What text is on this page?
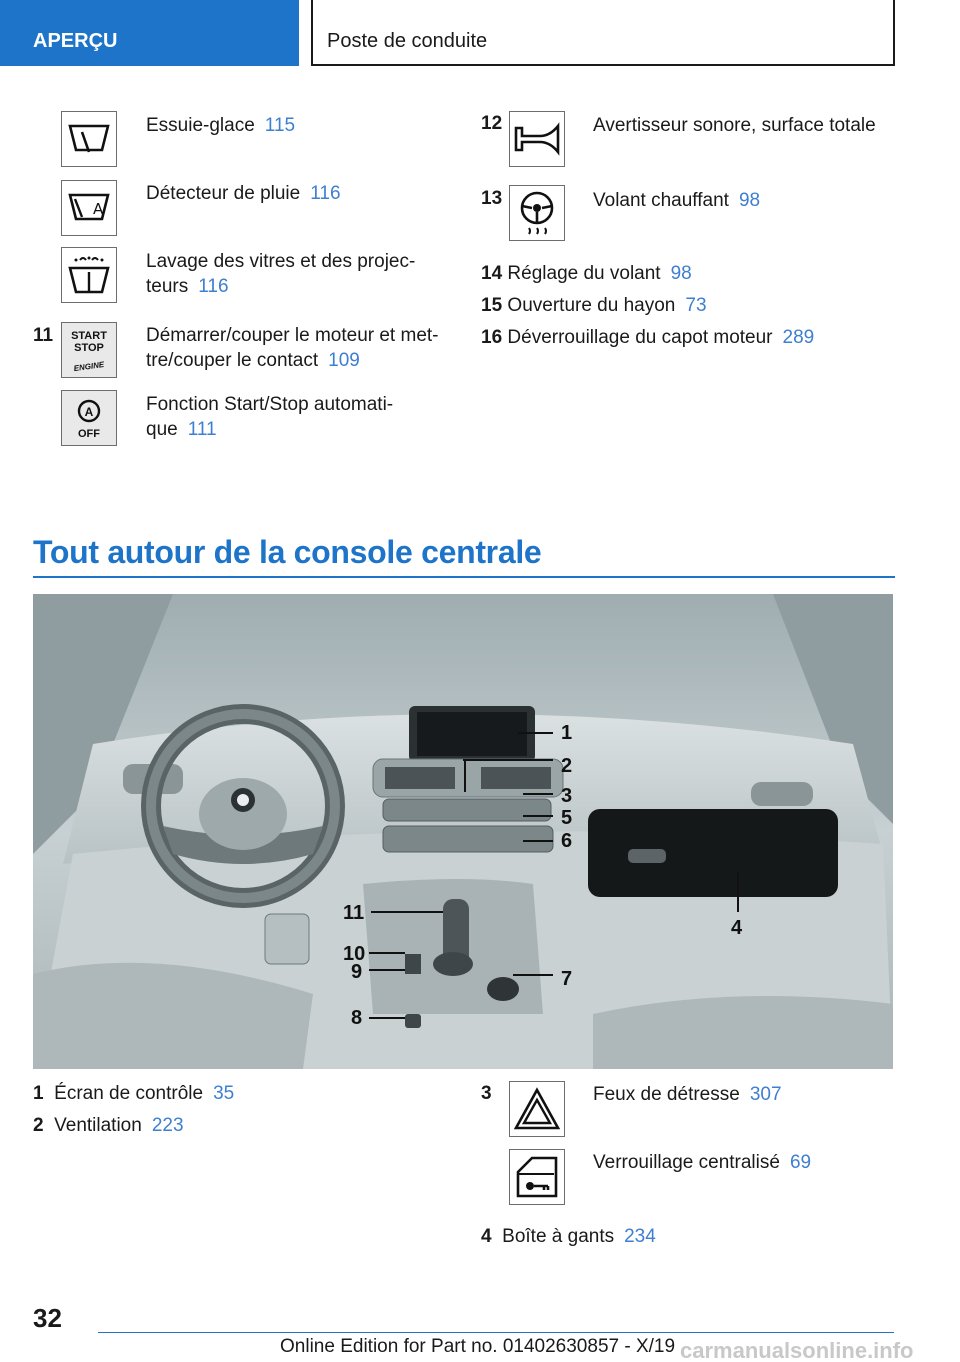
APERÇU	Poste de conduite
Essuie-glace 115
A
Détecteur de pluie 116
Lavage des vitres et des projec-
teurs 116
11 START
STOP
ENGINE
Démarrer/couper le moteur et met-
tre/couper le contact 109
A
OFF
Fonction Start/Stop automati-
que 111
12	Avertisseur sonore, surface totale
13	Volant chauffant 98
14 Réglage du volant 98
15 Ouverture du hayon 73
16 Déverrouillage du capot moteur 289
Tout autour de la console centrale
1
2
3
5
6
4
11
10
9	7
8
1 Écran de contrôle 35
2 Ventilation 223
3	Feux de détresse 307
Verrouillage centralisé 69
4 Boîte à gants 234
32
Online Edition for Part no. 01402630857 - X/19 carmanualsonline.info
